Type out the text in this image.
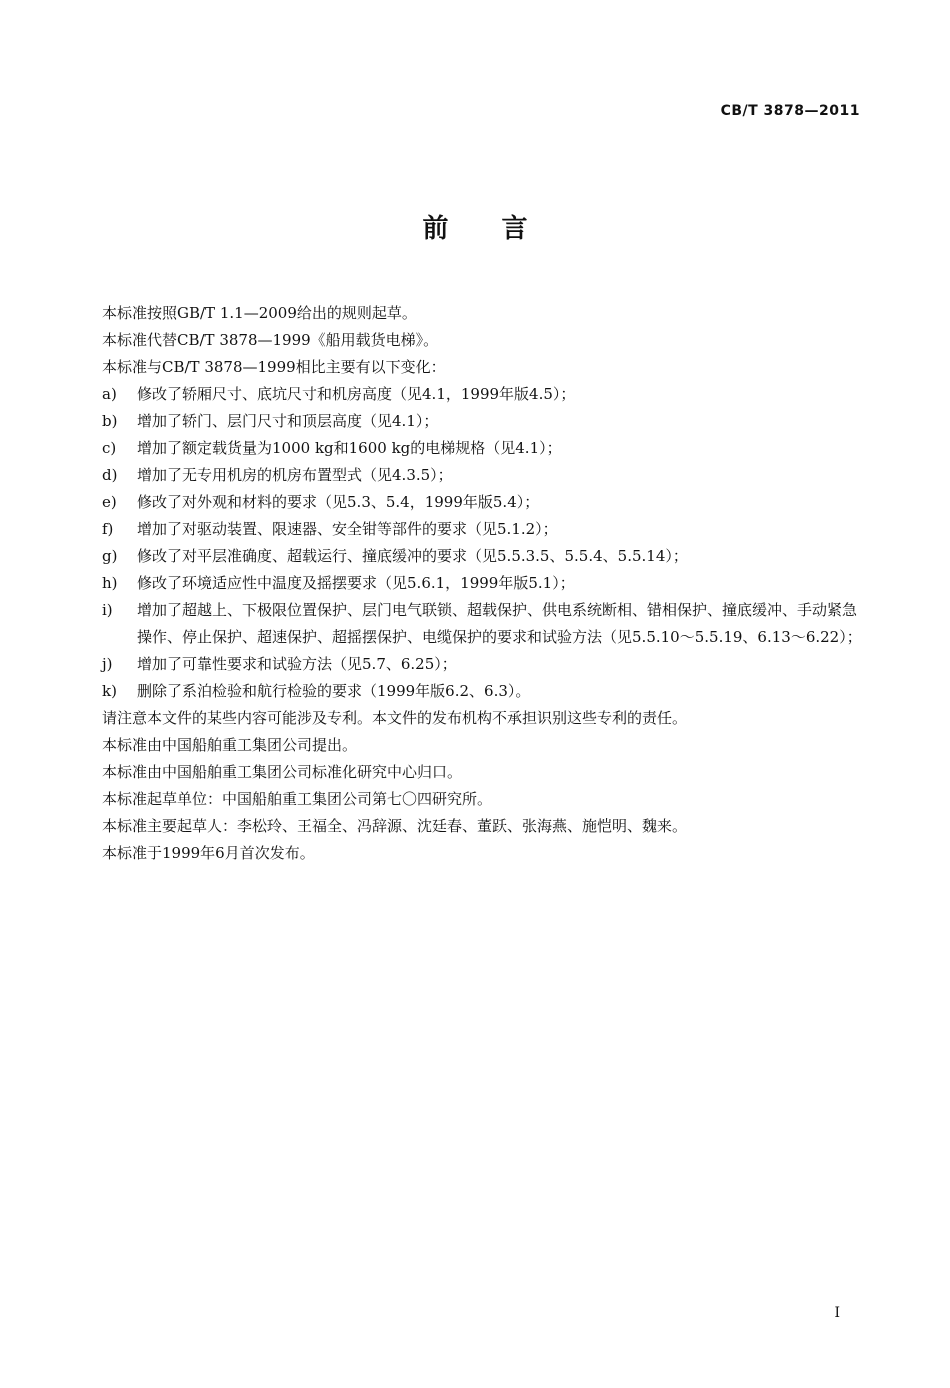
CB/T 3878—2011
前 言

本标准按照GB/T 1.1—2009给出的规则起草。

本标准代替CB/T 3878—1999《船用载货电梯》。

本标准与CB/T 3878—1999相比主要有以下变化：

a)	修改了轿厢尺寸、底坑尺寸和机房高度（见4.1，1999年版4.5）；
b)	增加了轿门、层门尺寸和顶层高度（见4.1）；
c)	增加了额定载货量为1000 kg和1600 kg的电梯规格（见4.1）；
d)	增加了无专用机房的机房布置型式（见4.3.5）；
e)	修改了对外观和材料的要求（见5.3、5.4，1999年版5.4）；
f)	增加了对驱动装置、限速器、安全钳等部件的要求（见5.1.2）；
g)	修改了对平层准确度、超载运行、撞底缓冲的要求（见5.5.3.5、5.5.4、5.5.14）；
h)	修改了环境适应性中温度及摇摆要求（见5.6.1，1999年版5.1）；
i)	增加了超越上、下极限位置保护、层门电气联锁、超载保护、供电系统断相、错相保护、撞底缓冲、手动紧急操作、停止保护、超速保护、超摇摆保护、电缆保护的要求和试验方法（见5.5.10～5.5.19、6.13～6.22）；
j)	增加了可靠性要求和试验方法（见5.7、6.25）；
k)	删除了系泊检验和航行检验的要求（1999年版6.2、6.3）。

请注意本文件的某些内容可能涉及专利。本文件的发布机构不承担识别这些专利的责任。

本标准由中国船舶重工集团公司提出。

本标准由中国船舶重工集团公司标准化研究中心归口。

本标准起草单位：中国船舶重工集团公司第七〇四研究所。

本标准主要起草人：李松玲、王福全、冯辞源、沈廷春、董跃、张海燕、施恺明、魏来。

本标准于1999年6月首次发布。

I
